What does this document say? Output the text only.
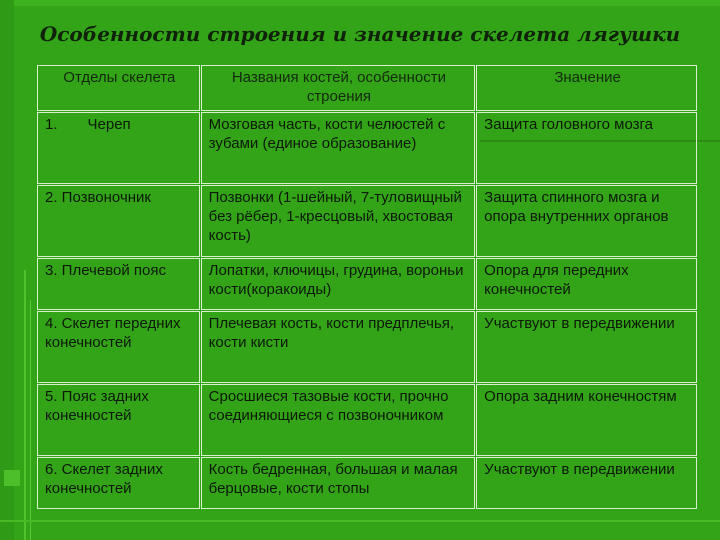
Особенности строения и значение скелета лягушки
Отделы скелета	Названия костей, особенности строения	Значение
1. Череп	Мозговая часть, кости челюстей с зубами (единое образование)	Защита головного мозга
2. Позвоночник	Позвонки (1-шейный, 7-туловищный без рёбер, 1-кресцовый, хвостовая кость)	Защита спинного мозга и опора внутренних органов
3. Плечевой пояс	Лопатки, ключицы, грудина, вороньи кости(коракоиды)	Опора для передних конечностей
4. Скелет передних конечностей	Плечевая кость, кости предплечья, кости кисти	Участвуют в передвижении
5. Пояс задних конечностей	Сросшиеся тазовые кости, прочно соединяющиеся с позвоночником	Опора задним конечностям
6. Скелет задних конечностей	Кость бедренная, большая и малая берцовые, кости стопы	Участвуют в передвижении
